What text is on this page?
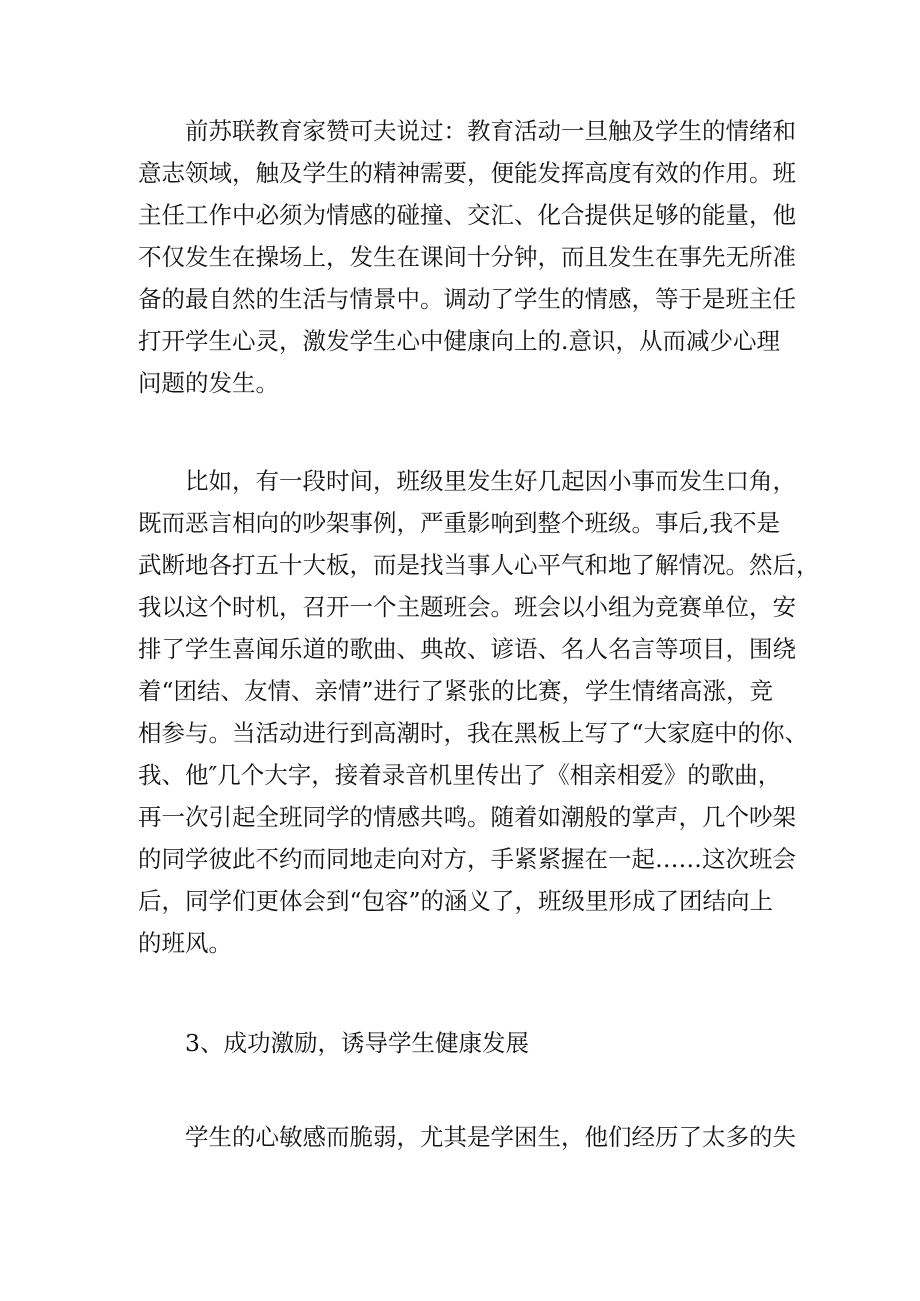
前苏联教育家赞可夫说过：教育活动一旦触及学生的情绪和
意志领域，触及学生的精神需要，便能发挥高度有效的作用。班
主任工作中必须为情感的碰撞、交汇、化合提供足够的能量，他
不仅发生在操场上，发生在课间十分钟，而且发生在事先无所准
备的最自然的生活与情景中。调动了学生的情感，等于是班主任
打开学生心灵，激发学生心中健康向上的.意识，从而减少心理
问题的发生。
比如，有一段时间，班级里发生好几起因小事而发生口角，
既而恶言相向的吵架事例，严重影响到整个班级。事后,我不是
武断地各打五十大板，而是找当事人心平气和地了解情况。然后，
我以这个时机，召开一个主题班会。班会以小组为竞赛单位，安
排了学生喜闻乐道的歌曲、典故、谚语、名人名言等项目，围绕
着“团结、友情、亲情”进行了紧张的比赛，学生情绪高涨，竞
相参与。当活动进行到高潮时，我在黑板上写了“大家庭中的你、
我、他″几个大字，接着录音机里传出了《相亲相爱》的歌曲，
再一次引起全班同学的情感共鸣。随着如潮般的掌声，几个吵架
的同学彼此不约而同地走向对方，手紧紧握在一起……这次班会
后，同学们更体会到“包容”的涵义了，班级里形成了团结向上
的班风。
3、成功激励，诱导学生健康发展
学生的心敏感而脆弱，尤其是学困生，他们经历了太多的失
